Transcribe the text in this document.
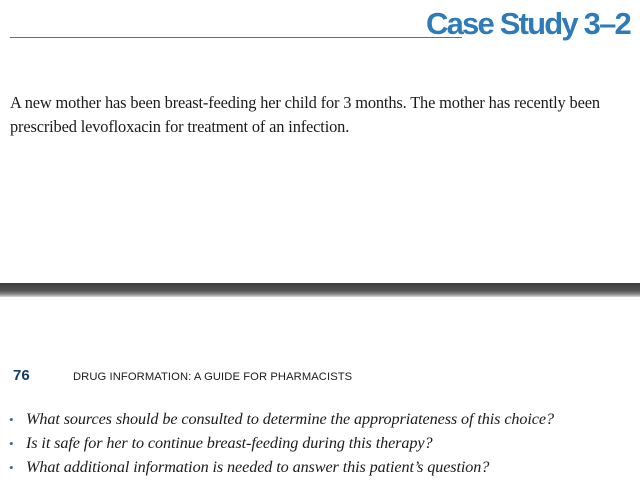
Case Study 3–2

A new mother has been breast-feeding her child for 3 months. The mother has recently been prescribed levofloxacin for treatment of an infection.

76	DRUG INFORMATION: A GUIDE FOR PHARMACISTS
• What sources should be consulted to determine the appropriateness of this choice?
• Is it safe for her to continue breast-feeding during this therapy?
• What additional information is needed to answer this patient’s question?
